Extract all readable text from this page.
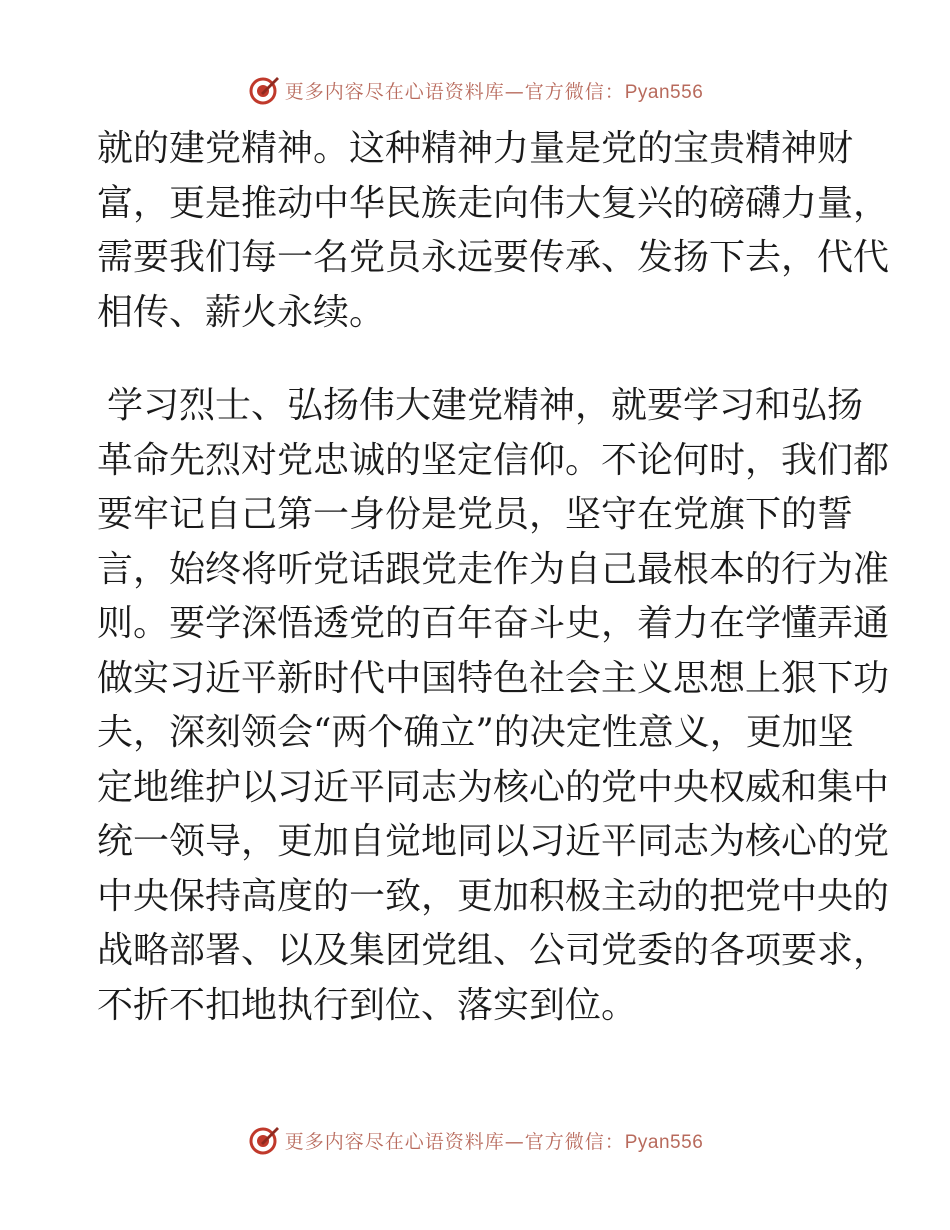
更多内容尽在心语资料库—官方微信：Pyan556
就的建党精神。这种精神力量是党的宝贵精神财
富，更是推动中华民族走向伟大复兴的磅礴力量，
需要我们每一名党员永远要传承、发扬下去，代代
相传、薪火永续。
学习烈士、弘扬伟大建党精神，就要学习和弘扬
革命先烈对党忠诚的坚定信仰。不论何时，我们都
要牢记自己第一身份是党员，坚守在党旗下的誓
言，始终将听党话跟党走作为自己最根本的行为准
则。要学深悟透党的百年奋斗史，着力在学懂弄通
做实习近平新时代中国特色社会主义思想上狠下功
夫，深刻领会“两个确立”的决定性意义，更加坚
定地维护以习近平同志为核心的党中央权威和集中
统一领导，更加自觉地同以习近平同志为核心的党
中央保持高度的一致，更加积极主动的把党中央的
战略部署、以及集团党组、公司党委的各项要求，
不折不扣地执行到位、落实到位。
更多内容尽在心语资料库—官方微信：Pyan556
